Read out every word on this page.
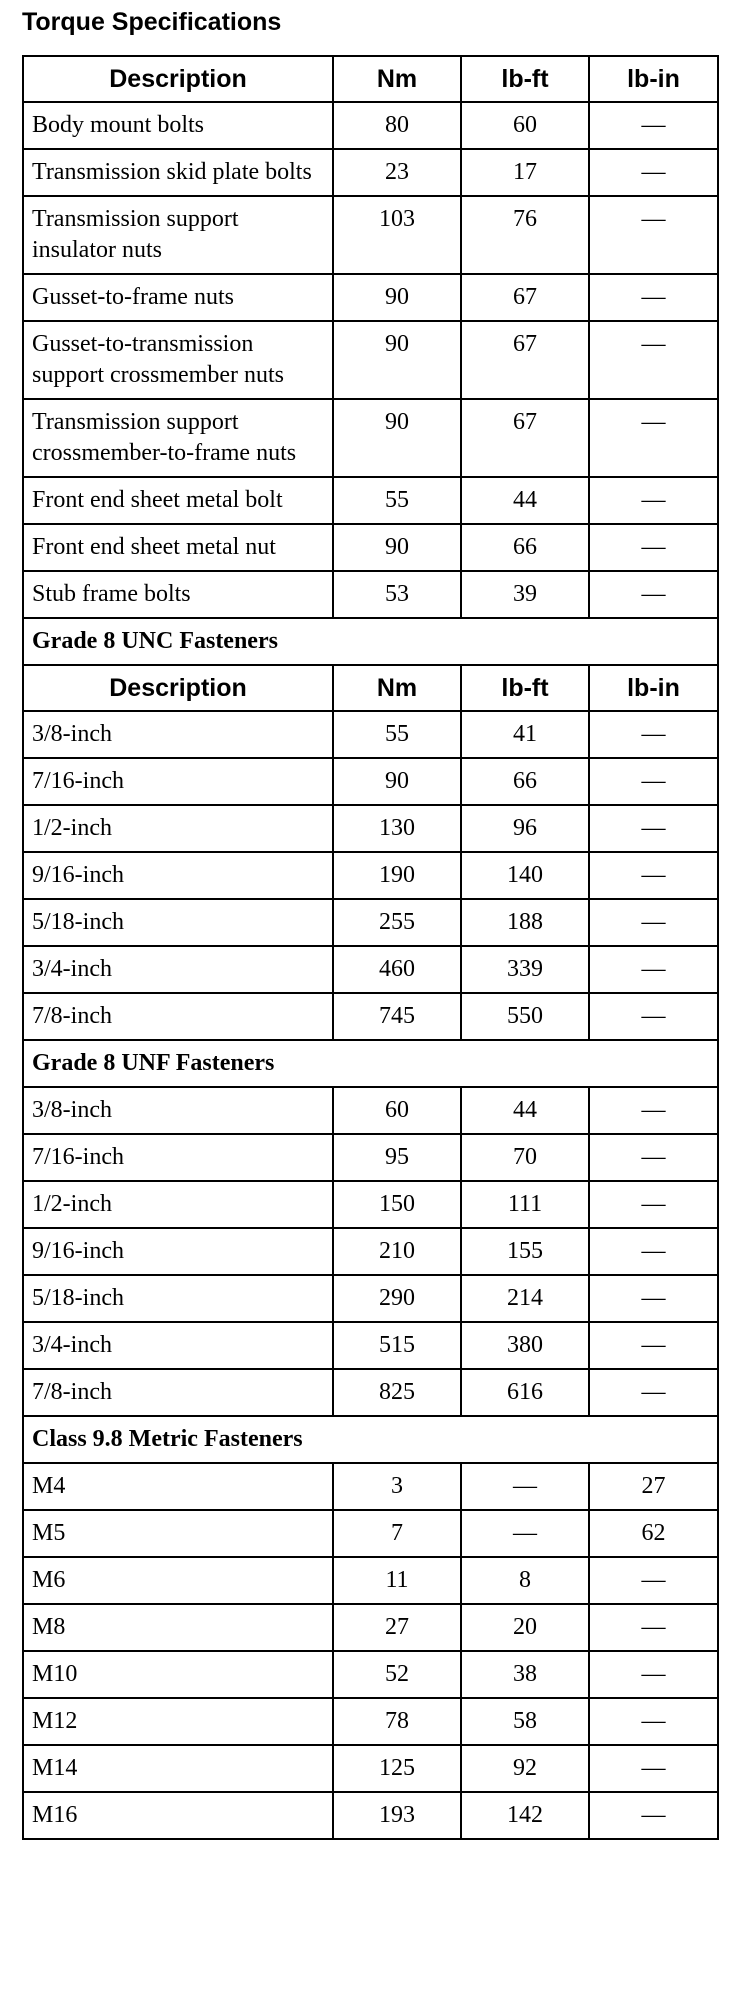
Torque Specifications
Description	Nm	lb-ft	lb-in
Body mount bolts	80	60	—
Transmission skid plate bolts	23	17	—
Transmission support insulator nuts	103	76	—
Gusset-to-frame nuts	90	67	—
Gusset-to-transmission support crossmember nuts	90	67	—
Transmission support crossmember-to-frame nuts	90	67	—
Front end sheet metal bolt	55	44	—
Front end sheet metal nut	90	66	—
Stub frame bolts	53	39	—
Grade 8 UNC Fasteners			
Description	Nm	lb-ft	lb-in
3/8-inch	55	41	—
7/16-inch	90	66	—
1/2-inch	130	96	—
9/16-inch	190	140	—
5/18-inch	255	188	—
3/4-inch	460	339	—
7/8-inch	745	550	—
Grade 8 UNF Fasteners			
3/8-inch	60	44	—
7/16-inch	95	70	—
1/2-inch	150	111	—
9/16-inch	210	155	—
5/18-inch	290	214	—
3/4-inch	515	380	—
7/8-inch	825	616	—
Class 9.8 Metric Fasteners			
M4	3	—	27
M5	7	—	62
M6	11	8	—
M8	27	20	—
M10	52	38	—
M12	78	58	—
M14	125	92	—
M16	193	142	—
